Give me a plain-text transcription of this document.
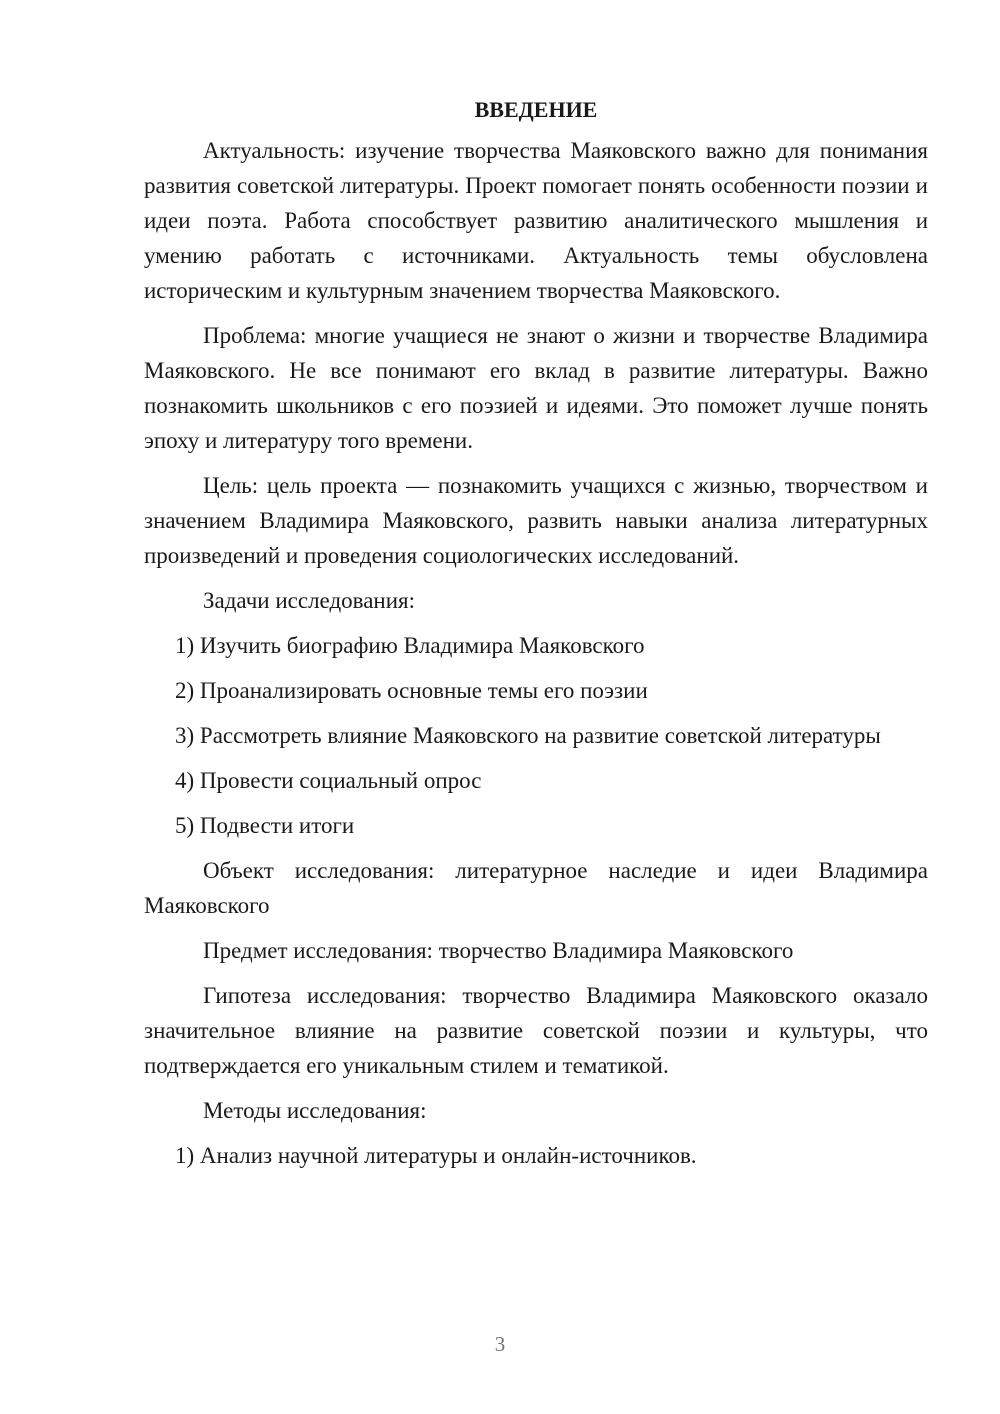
ВВЕДЕНИЕ

Актуальность: изучение творчества Маяковского важно для понимания развития советской литературы. Проект помогает понять особенности поэзии и идеи поэта. Работа способствует развитию аналитического мышления и умению работать с источниками. Актуальность темы обусловлена историческим и культурным значением творчества Маяковского.

Проблема: многие учащиеся не знают о жизни и творчестве Владимира Маяковского. Не все понимают его вклад в развитие литературы. Важно познакомить школьников с его поэзией и идеями. Это поможет лучше понять эпоху и литературу того времени.

Цель: цель проекта — познакомить учащихся с жизнью, творчеством и значением Владимира Маяковского, развить навыки анализа литературных произведений и проведения социологических исследований.

Задачи исследования:

1) Изучить биографию Владимира Маяковского

2) Проанализировать основные темы его поэзии

3) Рассмотреть влияние Маяковского на развитие советской литературы

4) Провести социальный опрос

5) Подвести итоги

Объект исследования: литературное наследие и идеи Владимира Маяковского

Предмет исследования: творчество Владимира Маяковского

Гипотеза исследования: творчество Владимира Маяковского оказало значительное влияние на развитие советской поэзии и культуры, что подтверждается его уникальным стилем и тематикой.

Методы исследования:

1) Анализ научной литературы и онлайн-источников.

3
